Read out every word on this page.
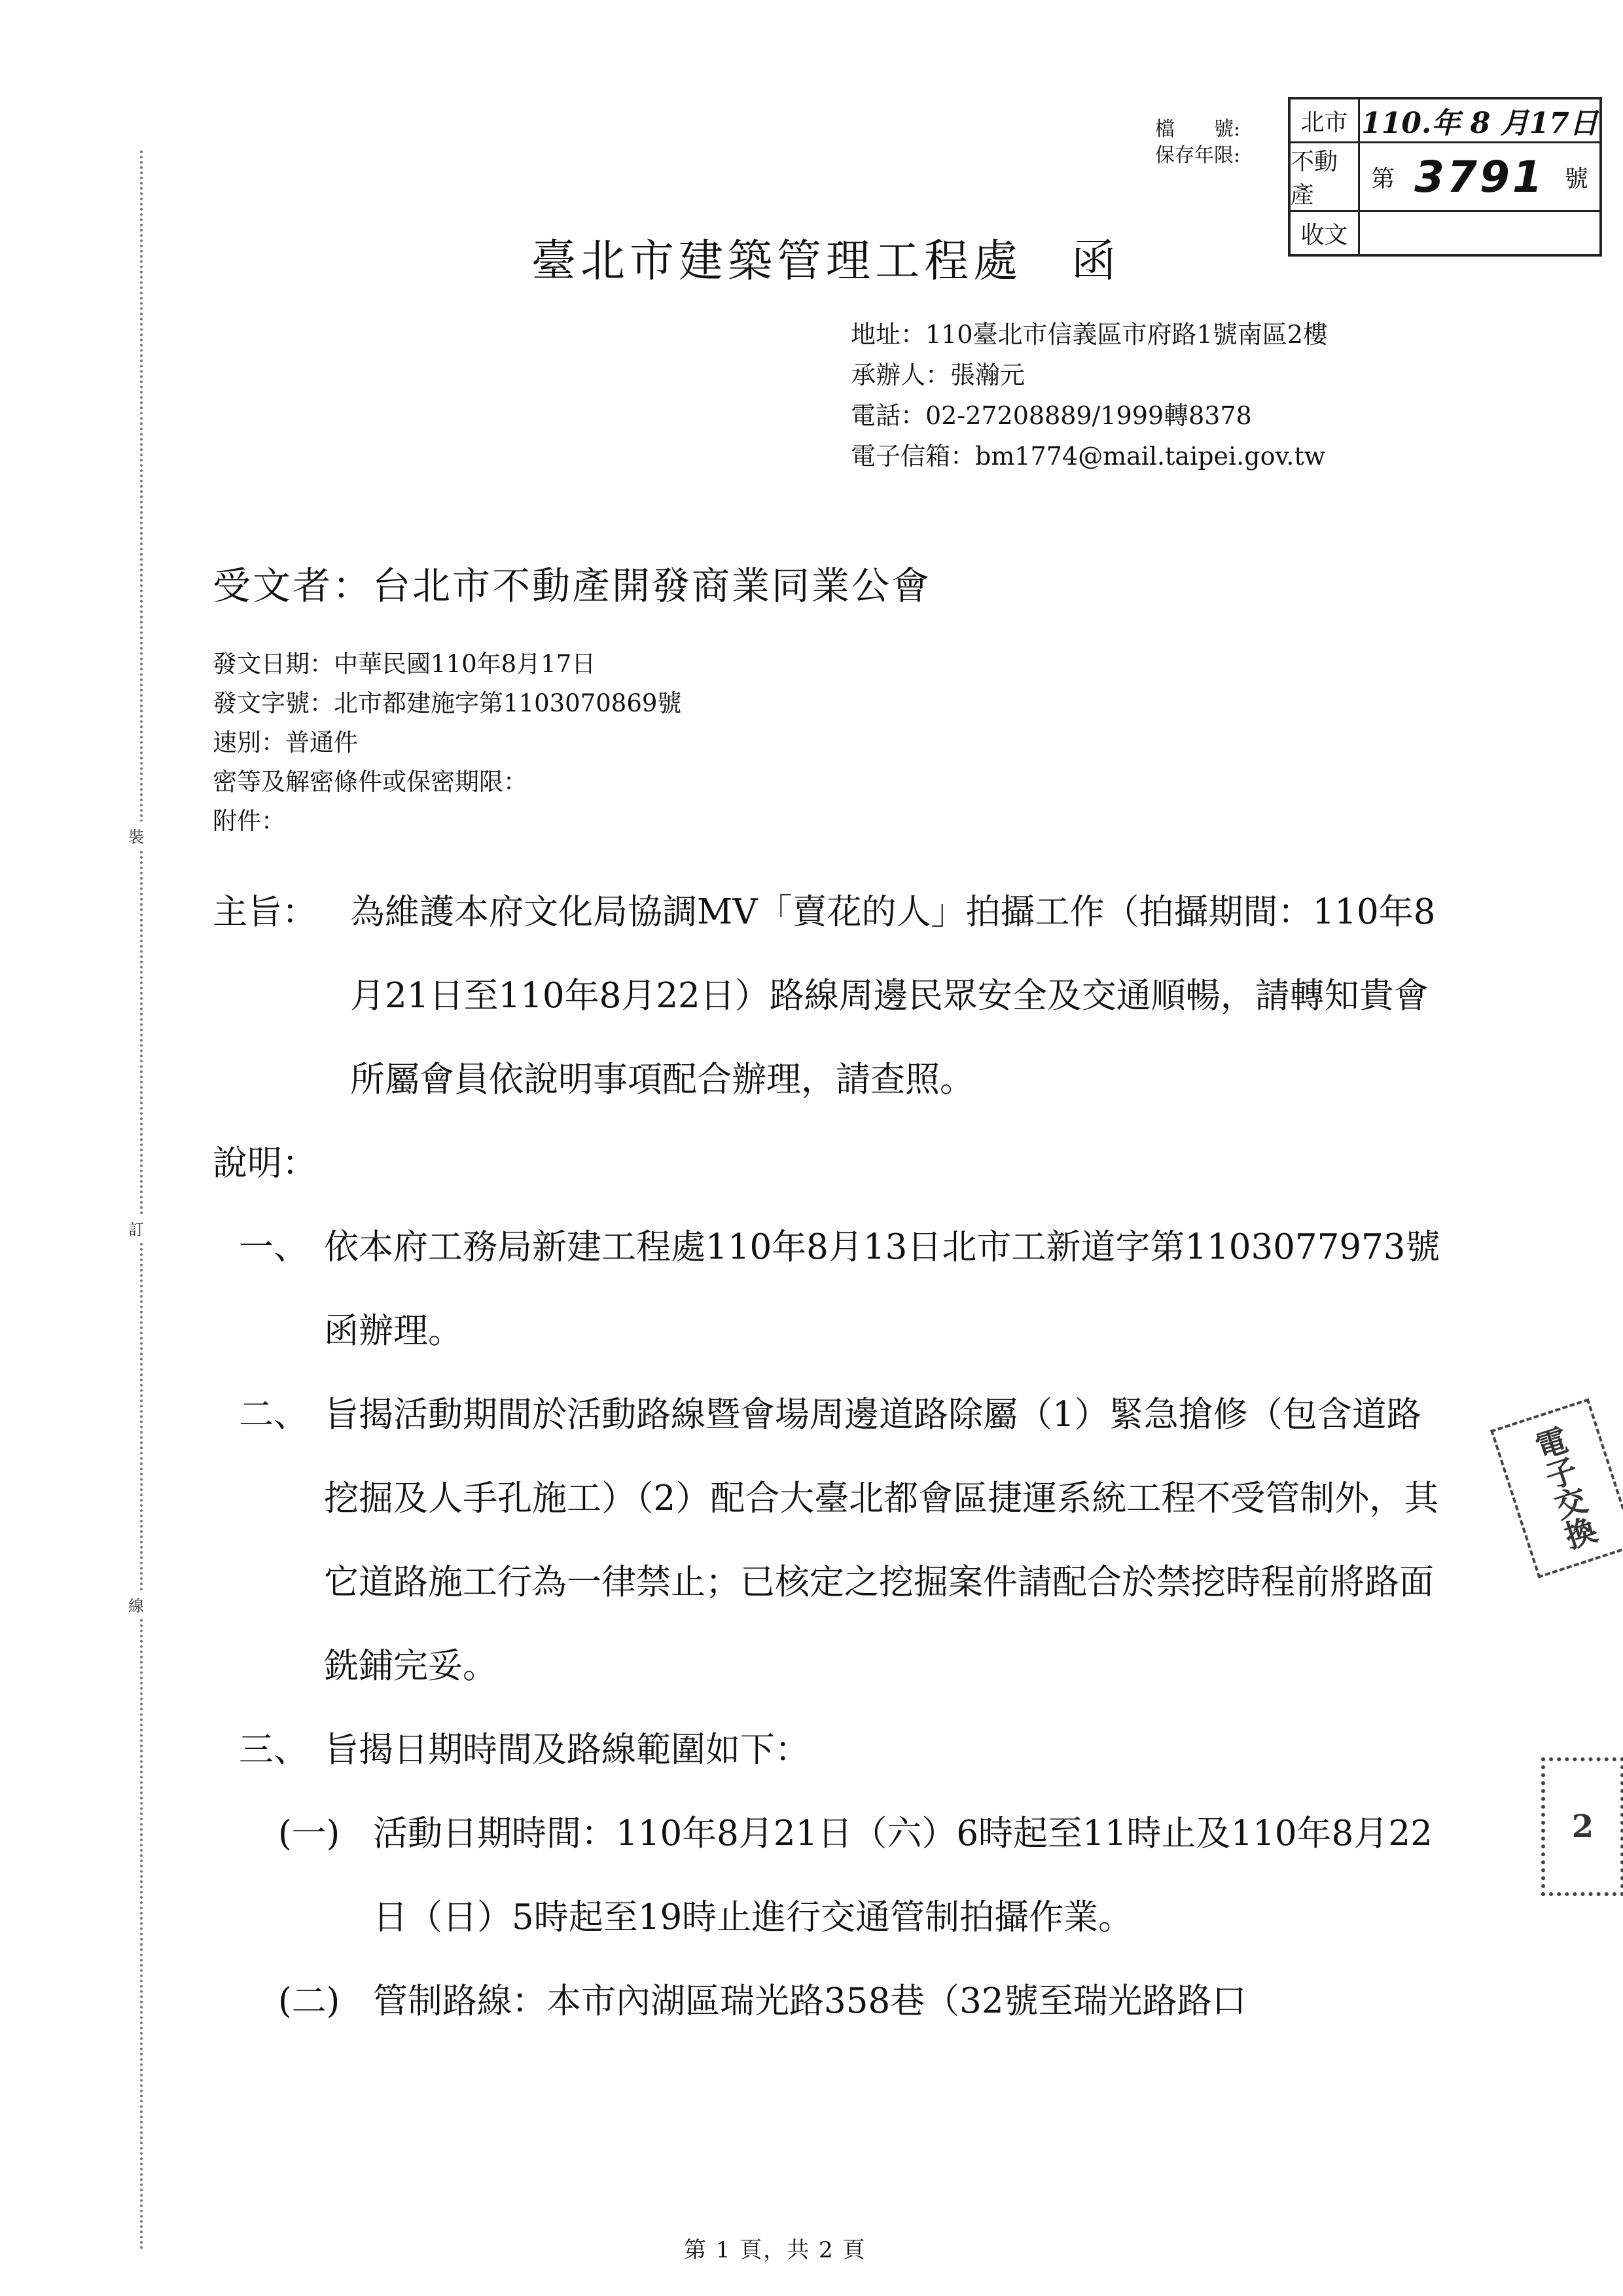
裝
訂
線
檔　　號:
保存年限:
北市 110.年 8 月17日
不動產
第 3791 號
收文
臺北市建築管理工程處　函
地址：110臺北市信義區市府路1號南區2樓
承辦人：張瀚元
電話：02-27208889/1999轉8378
電子信箱：bm1774@mail.taipei.gov.tw
受文者：台北市不動產開發商業同業公會
發文日期：中華民國110年8月17日
發文字號：北市都建施字第1103070869號
速別：普通件
密等及解密條件或保密期限：
附件：
主旨： 為維護本府文化局協調MV「賣花的人」拍攝工作（拍攝期間：110年8月21日至110年8月22日）路線周邊民眾安全及交通順暢，請轉知貴會所屬會員依說明事項配合辦理，請查照。
說明：
一、 依本府工務局新建工程處110年8月13日北市工新道字第1103077973號函辦理。
二、 旨揭活動期間於活動路線暨會場周邊道路除屬（1）緊急搶修（包含道路挖掘及人手孔施工）（2）配合大臺北都會區捷運系統工程不受管制外，其它道路施工行為一律禁止；已核定之挖掘案件請配合於禁挖時程前將路面銑鋪完妥。
三、 旨揭日期時間及路線範圍如下：
(一) 活動日期時間：110年8月21日（六）6時起至11時止及110年8月22日（日）5時起至19時止進行交通管制拍攝作業。
(二) 管制路線：本市內湖區瑞光路358巷（32號至瑞光路路口
電子交換
2
第 1 頁，共 2 頁
